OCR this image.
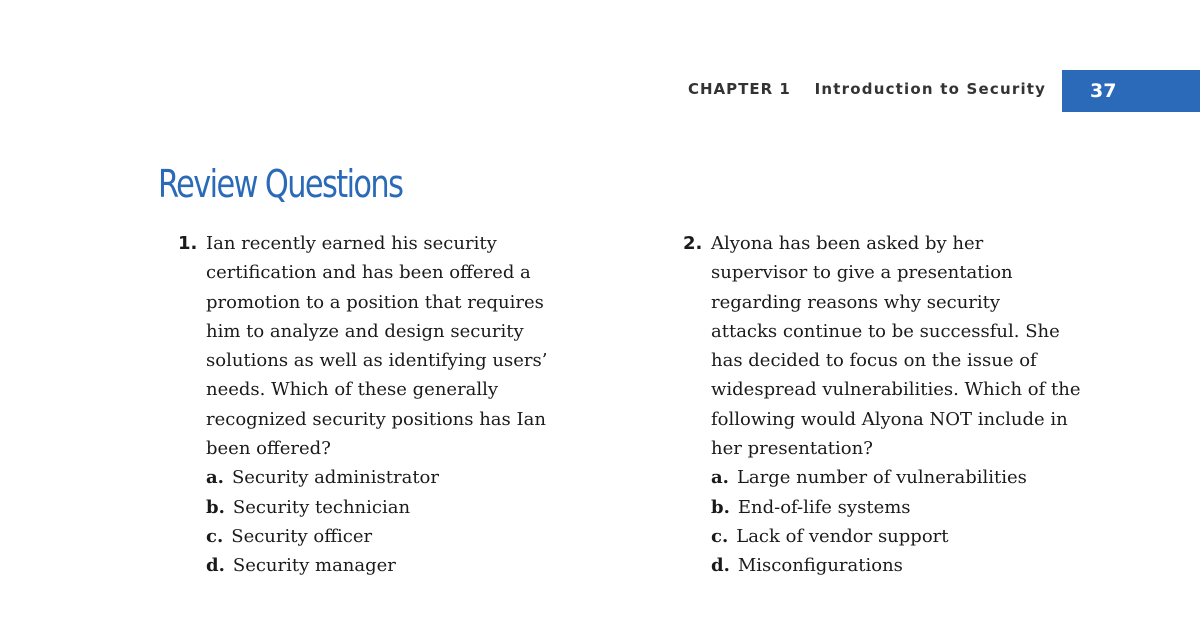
CHAPTER 1 Introduction to Security	37
Review Questions
1. Ian recently earned his security
certification and has been offered a
promotion to a position that requires
him to analyze and design security
solutions as well as identifying users’
needs. Which of these generally
recognized security positions has Ian
been offered?
a. Security administrator
b. Security technician
c. Security officer
d. Security manager
2. Alyona has been asked by her
supervisor to give a presentation
regarding reasons why security
attacks continue to be successful. She
has decided to focus on the issue of
widespread vulnerabilities. Which of the
following would Alyona NOT include in
her presentation?
a. Large number of vulnerabilities
b. End-of-life systems
c. Lack of vendor support
d. Misconfigurations
